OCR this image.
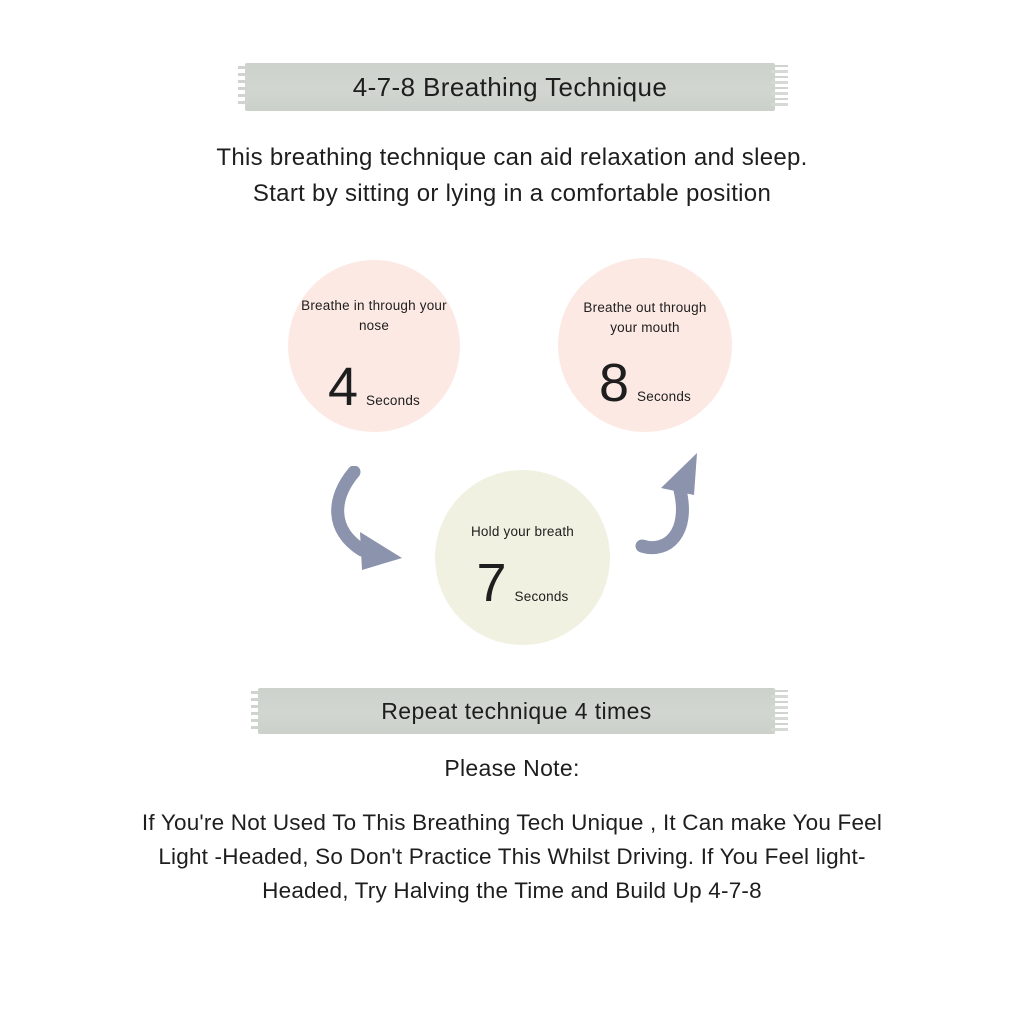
4-7-8 Breathing Technique
This breathing technique can aid relaxation and sleep.
Start by sitting or lying in a comfortable position
Breathe in through your
nose
4 Seconds
Breathe out through
your mouth
8 Seconds
Hold your breath
7 Seconds
Repeat technique 4 times
Please Note:
If You're Not Used To This Breathing Tech Unique , It Can make You Feel
Light -Headed, So Don't Practice This Whilst Driving. If You Feel light-
Headed, Try Halving the Time and Build Up 4-7-8
